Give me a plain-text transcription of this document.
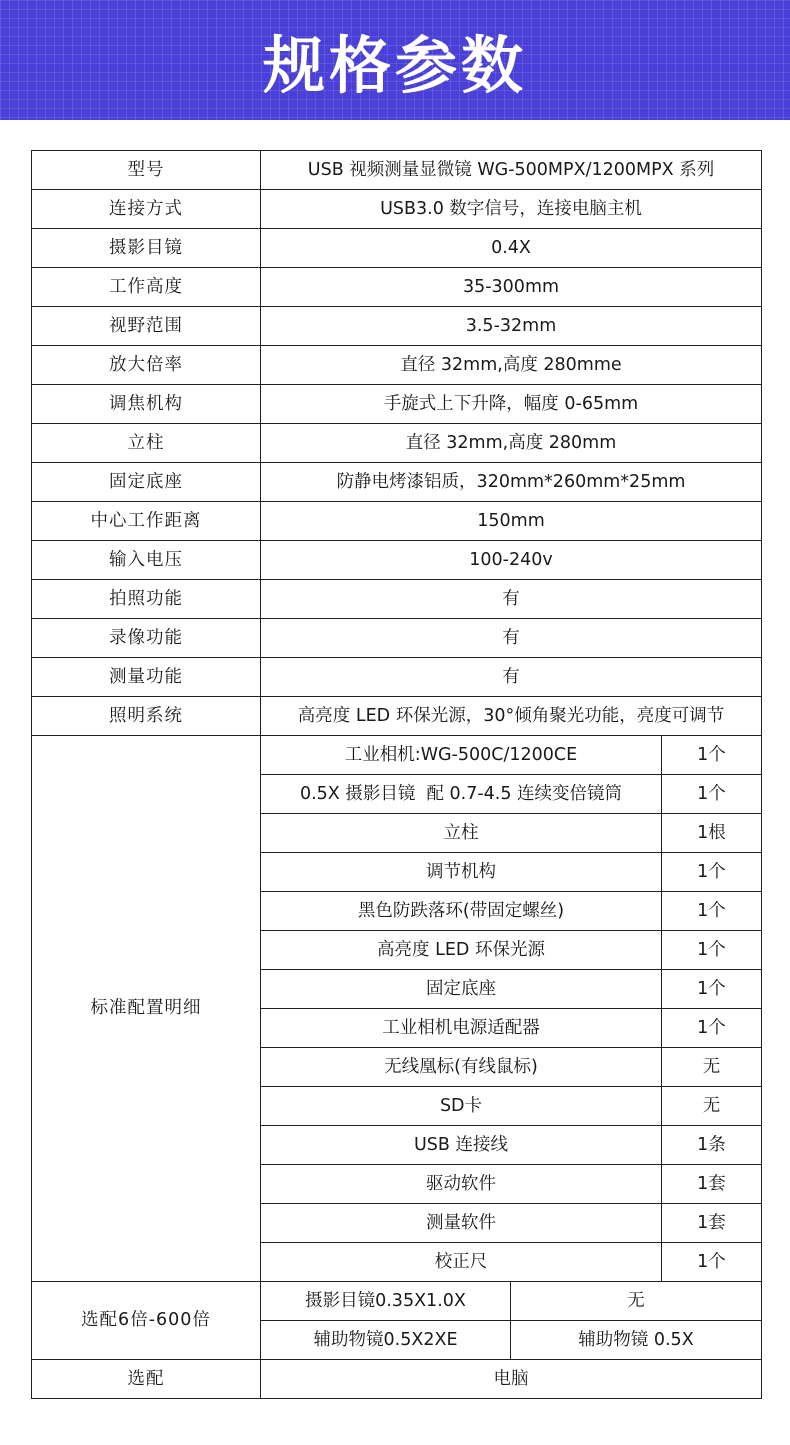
规格参数
型号	USB 视频测量显微镜 WG-500MPX/1200MPX 系列		
连接方式	USB3.0 数字信号，连接电脑主机		
摄影目镜	0.4X		
工作高度	35-300mm		
视野范围	3.5-32mm		
放大倍率	直径 32mm,高度 280mme		
调焦机构	手旋式上下升降，幅度 0-65mm		
立柱	直径 32mm,高度 280mm		
固定底座	防静电烤漆铝质，320mm*260mm*25mm		
中心工作距离	150mm		
输入电压	100-240v		
拍照功能	有		
录像功能	有		
测量功能	有		
照明系统	高亮度 LED 环保光源，30°倾角聚光功能，亮度可调节		
标准配置明细	工业相机:WG-500C/1200CE		1个
	0.5X 摄影目镜  配 0.7-4.5 连续变倍镜筒		1个
	立柱		1根
	调节机构		1个
	黑色防跌落环(带固定螺丝)		1个
	高亮度 LED 环保光源		1个
	固定底座		1个
	工业相机电源适配器		1个
	无线凰标(有线鼠标)		无
	SD卡		无
	USB 连接线		1条
	驱动软件		1套
	测量软件		1套
	校正尺		1个
选配6倍-600倍	摄影目镜0.35X1.0X	无	
	辅助物镜0.5X2XE	辅助物镜 0.5X	
选配	电脑		
